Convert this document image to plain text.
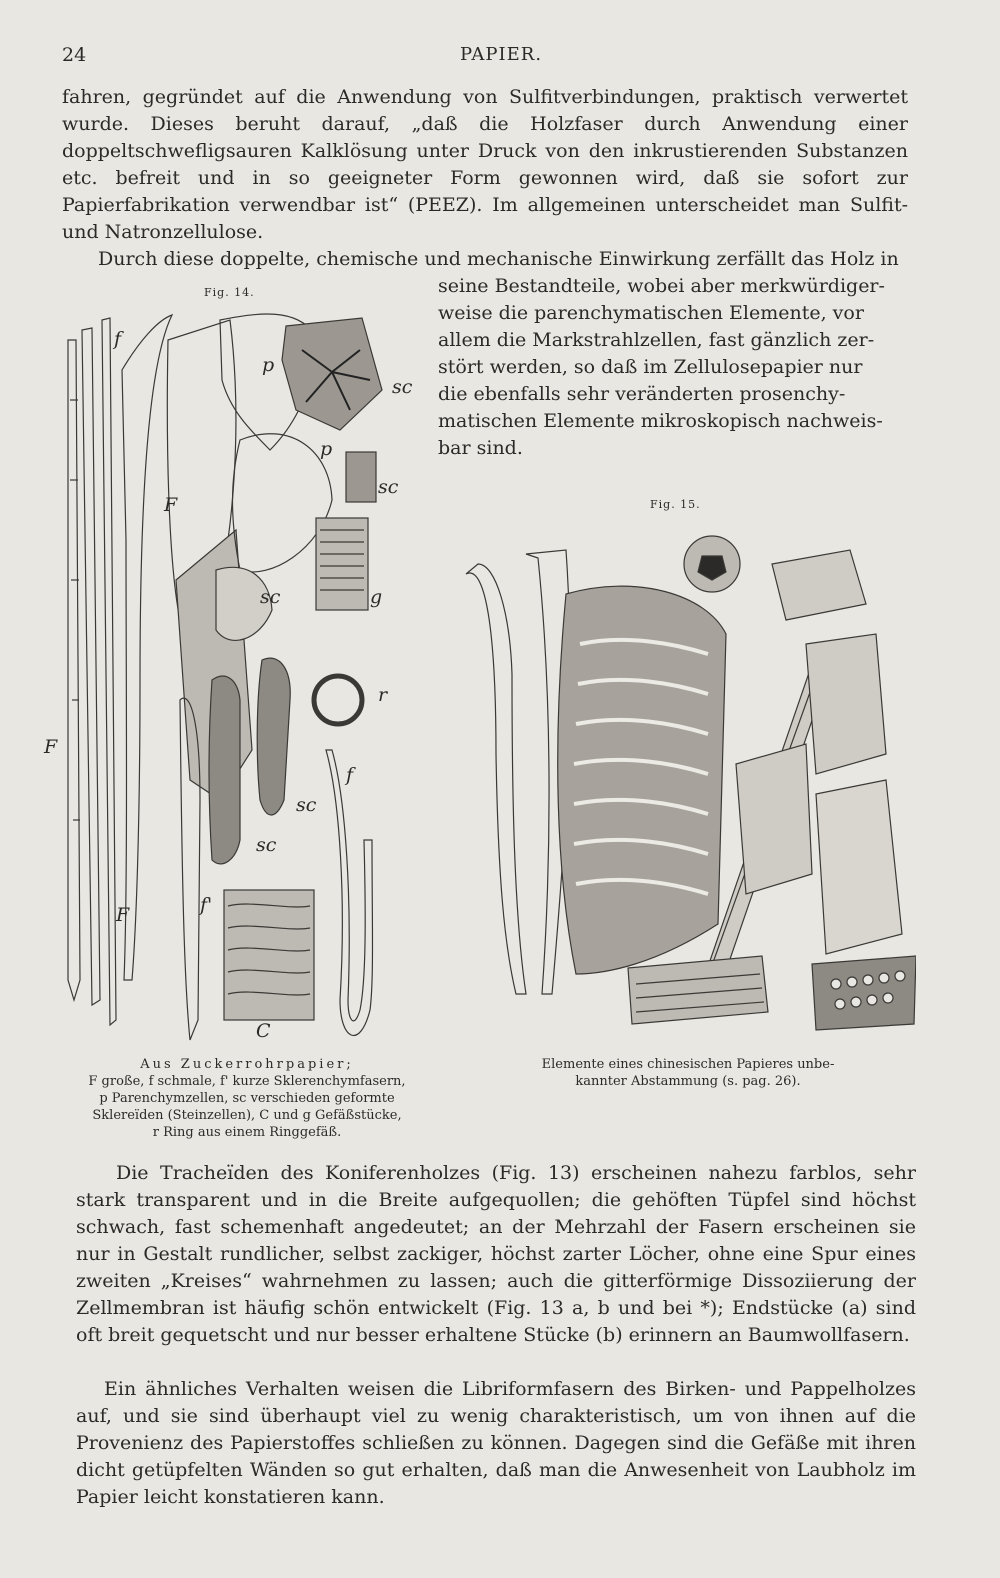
24	PAPIER.

fahren, gegründet auf die Anwendung von Sulfitverbindungen, praktisch verwertet wurde. Dieses beruht darauf, „daß die Holzfaser durch Anwendung einer doppeltschwefligsauren Kalklösung unter Druck von den inkrustierenden Substanzen etc. befreit und in so geeigneter Form gewonnen wird, daß sie sofort zur Papierfabrikation verwendbar ist“ (PEEZ). Im allgemeinen unterscheidet man Sulfit- und Natronzellulose.

Durch diese doppelte, chemische und mechanische Einwirkung zerfällt das Holz in

seine Bestandteile, wobei aber merkwürdiger-

weise die parenchymatischen Elemente, vor

allem die Markstrahlzellen, fast gänzlich zer-

stört werden, so daß im Zellulosepapier nur

die ebenfalls sehr veränderten prosenchy-

matischen Elemente mikroskopisch nachweis-

bar sind.

Fig. 14.
f
p
sc
p
sc
F
sc	g
r
F
f
sc
sc
F	f'
C
Aus Zuckerrohrpapier;
F große, f schmale, f' kurze Sklerenchymfasern,
p Parenchymzellen, sc verschieden geformte
Sklereïden (Steinzellen), C und g Gefäßstücke,
r Ring aus einem Ringgefäß.
Fig. 15.
Elemente eines chinesischen Papieres unbe-
kannter Abstammung (s. pag. 26).

Die Tracheïden des Koniferenholzes (Fig. 13) erscheinen nahezu farblos, sehr stark transparent und in die Breite aufgequollen; die gehöften Tüpfel sind höchst schwach, fast schemenhaft angedeutet; an der Mehrzahl der Fasern erscheinen sie nur in Gestalt rundlicher, selbst zackiger, höchst zarter Löcher, ohne eine Spur eines zweiten „Kreises“ wahrnehmen zu lassen; auch die gitterförmige Dissoziierung der Zellmembran ist häufig schön entwickelt (Fig. 13 a, b und bei *); Endstücke (a) sind oft breit gequetscht und nur besser erhaltene Stücke (b) erinnern an Baumwollfasern.

Ein ähnliches Verhalten weisen die Libriformfasern des Birken- und Pappelholzes auf, und sie sind überhaupt viel zu wenig charakteristisch, um von ihnen auf die Provenienz des Papierstoffes schließen zu können. Dagegen sind die Gefäße mit ihren dicht getüpfelten Wänden so gut erhalten, daß man die Anwesenheit von Laubholz im Papier leicht konstatieren kann.
